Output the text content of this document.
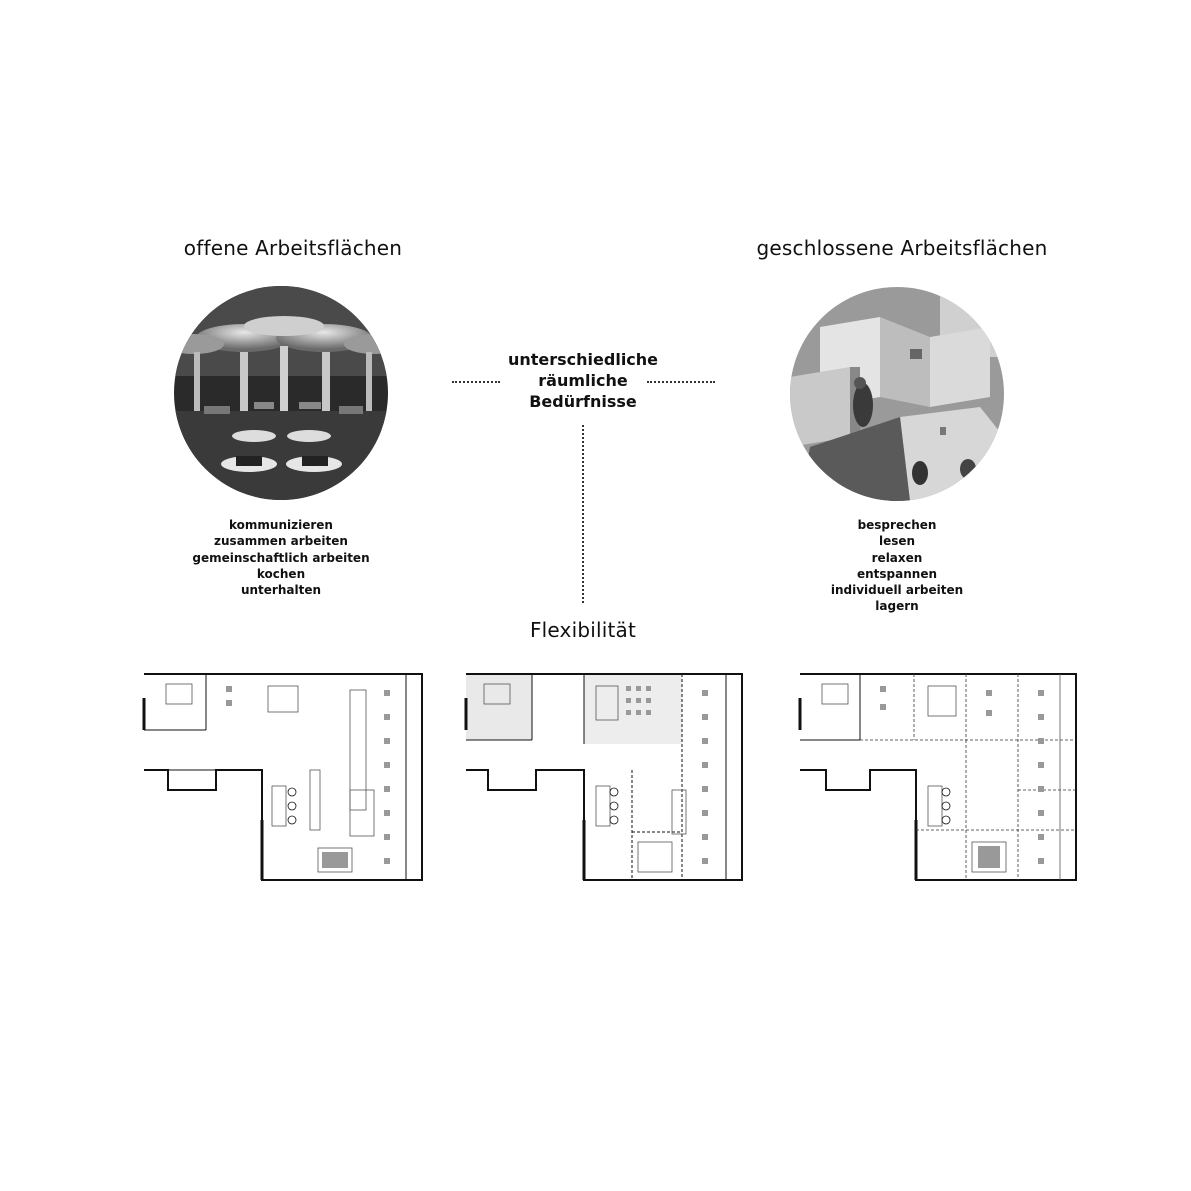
offene Arbeitsflächen	geschlossene Arbeitsflächen
unterschiedliche
räumliche
Bedürfnisse
kommunizieren
zusammen arbeiten
gemeinschaftlich arbeiten
kochen
unterhalten
besprechen
lesen
relaxen
entspannen
individuell arbeiten
lagern
Flexibilität
